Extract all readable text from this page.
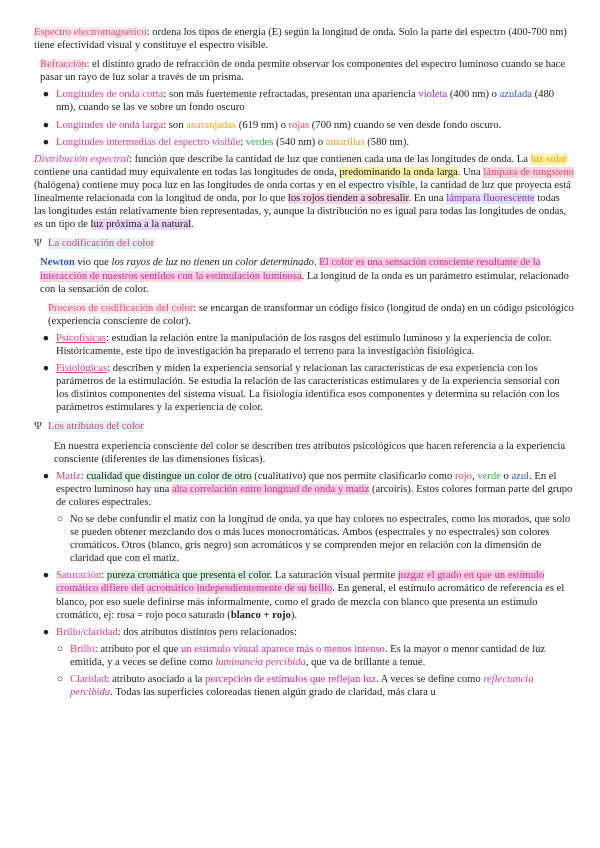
Espectro electromagnético: ordena los tipos de energía (E) según la longitud de onda. Solo la parte del espectro (400-700 nm) tiene efectividad visual y constituye el espectro visible.

Refracción: el distinto grado de refracción de onda permite observar los componentes del espectro luminoso cuando se hace pasar un rayo de luz solar a través de un prisma.

● Longitudes de onda corta: son más fuertemente refractadas, presentan una apariencia violeta (400 nm) o azulada (480 nm), cuando se las ve sobre un fondo oscuro
● Longitudes de onda larga: son anaranjadas (619 nm) o rojas (700 nm) cuando se ven desde fondo oscuro.
● Longitudes intermedias del espectro visible: verdes (540 nm) o amarillas (580 nm).

Distribución espectral: función que describe la cantidad de luz que contienen cada una de las longitudes de onda. La luz solar contiene una cantidad muy equivalente en todas las longitudes de onda, predominando la onda larga. Una lámpara de tungsteno (halógena) contiene muy poca luz en las longitudes de onda cortas y en el espectro visible, la cantidad de luz que proyecta está linealmente relacionada con la longitud de onda, por lo que los rojos tienden a sobresalir. En una lámpara fluorescente todas las longitudes están relativamente bien representadas, y, aunque la distribución no es igual para todas las longitudes de ondas, es un tipo de luz próxima a la natural.

Ψ La codificación del color

Newton vio que los rayos de luz no tienen un color determinado. El color es una sensación consciente resultante de la interacción de nuestros sentidos con la estimulación luminosa. La longitud de la onda es un parámetro estimular, relacionado con la sensación de color.

Procesos de codificación del color: se encargan de transformar un código físico (longitud de onda) en un código psicológico (experiencia consciente de color).

● Psicofísicas: estudian la relación entre la manipulación de los rasgos del estímulo luminoso y la experiencia de color. Históricamente, este tipo de investigación ha preparado el terreno para la investigación fisiológica.
● Fisiológicas: describen y miden la experiencia sensorial y relacionan las características de esa experiencia con los parámetros de la estimulación. Se estudia la relación de las características estimulares y de la experiencia sensorial con los distintos componentes del sistema visual. La fisiología identifica esos componentes y determina su relación con los parámetros estimulares y la experiencia de color.

Ψ Los atributos del color

En nuestra experiencia consciente del color se describen tres atributos psicológicos que hacen referencia a la experiencia consciente (diferentes de las dimensiones físicas).

● Matiz: cualidad que distingue un color de otro (cualitativo) que nos permite clasificarlo como rojo, verde o azul. En el espectro luminoso hay una alta correlación entre longitud de onda y matiz (arcoíris). Estos colores forman parte del grupo de colores espectrales.
○ No se debe confundir el matiz con la longitud de onda, ya que hay colores no espectrales, como los morados, que solo se pueden obtener mezclando dos o más luces monocromáticas. Ambos (espectrales y no espectrales) son colores cromáticos. Otros (blanco, gris negro) son acromáticos y se comprenden mejor en relación con la dimensión de claridad que con el matiz.
● Saturación: pureza cromática que presenta el color. La saturación visual permite juzgar el grado en que un estímulo cromático difiere del acromático independientemente de su brillo. En general, el estímulo acromático de referencia es el blanco, por eso suele definirse más informalmente, como el grado de mezcla con blanco que presenta un estímulo cromático, ej: rosa = rojo poco saturado (blanco + rojo).
● Brillo/claridad: dos atributos distintos pero relacionados:
○ Brillo: atributo por el que un estímulo visual aparece más o menos intenso. Es la mayor o menor cantidad de luz emitida, y a veces se define como luminancia percibida, que va de brillante a tenue.
○ Claridad: atributo asociado a la percepción de estímulos que reflejan luz. A veces se define como reflectancia percibida. Todas las superficies coloreadas tienen algún grado de claridad, más clara u
